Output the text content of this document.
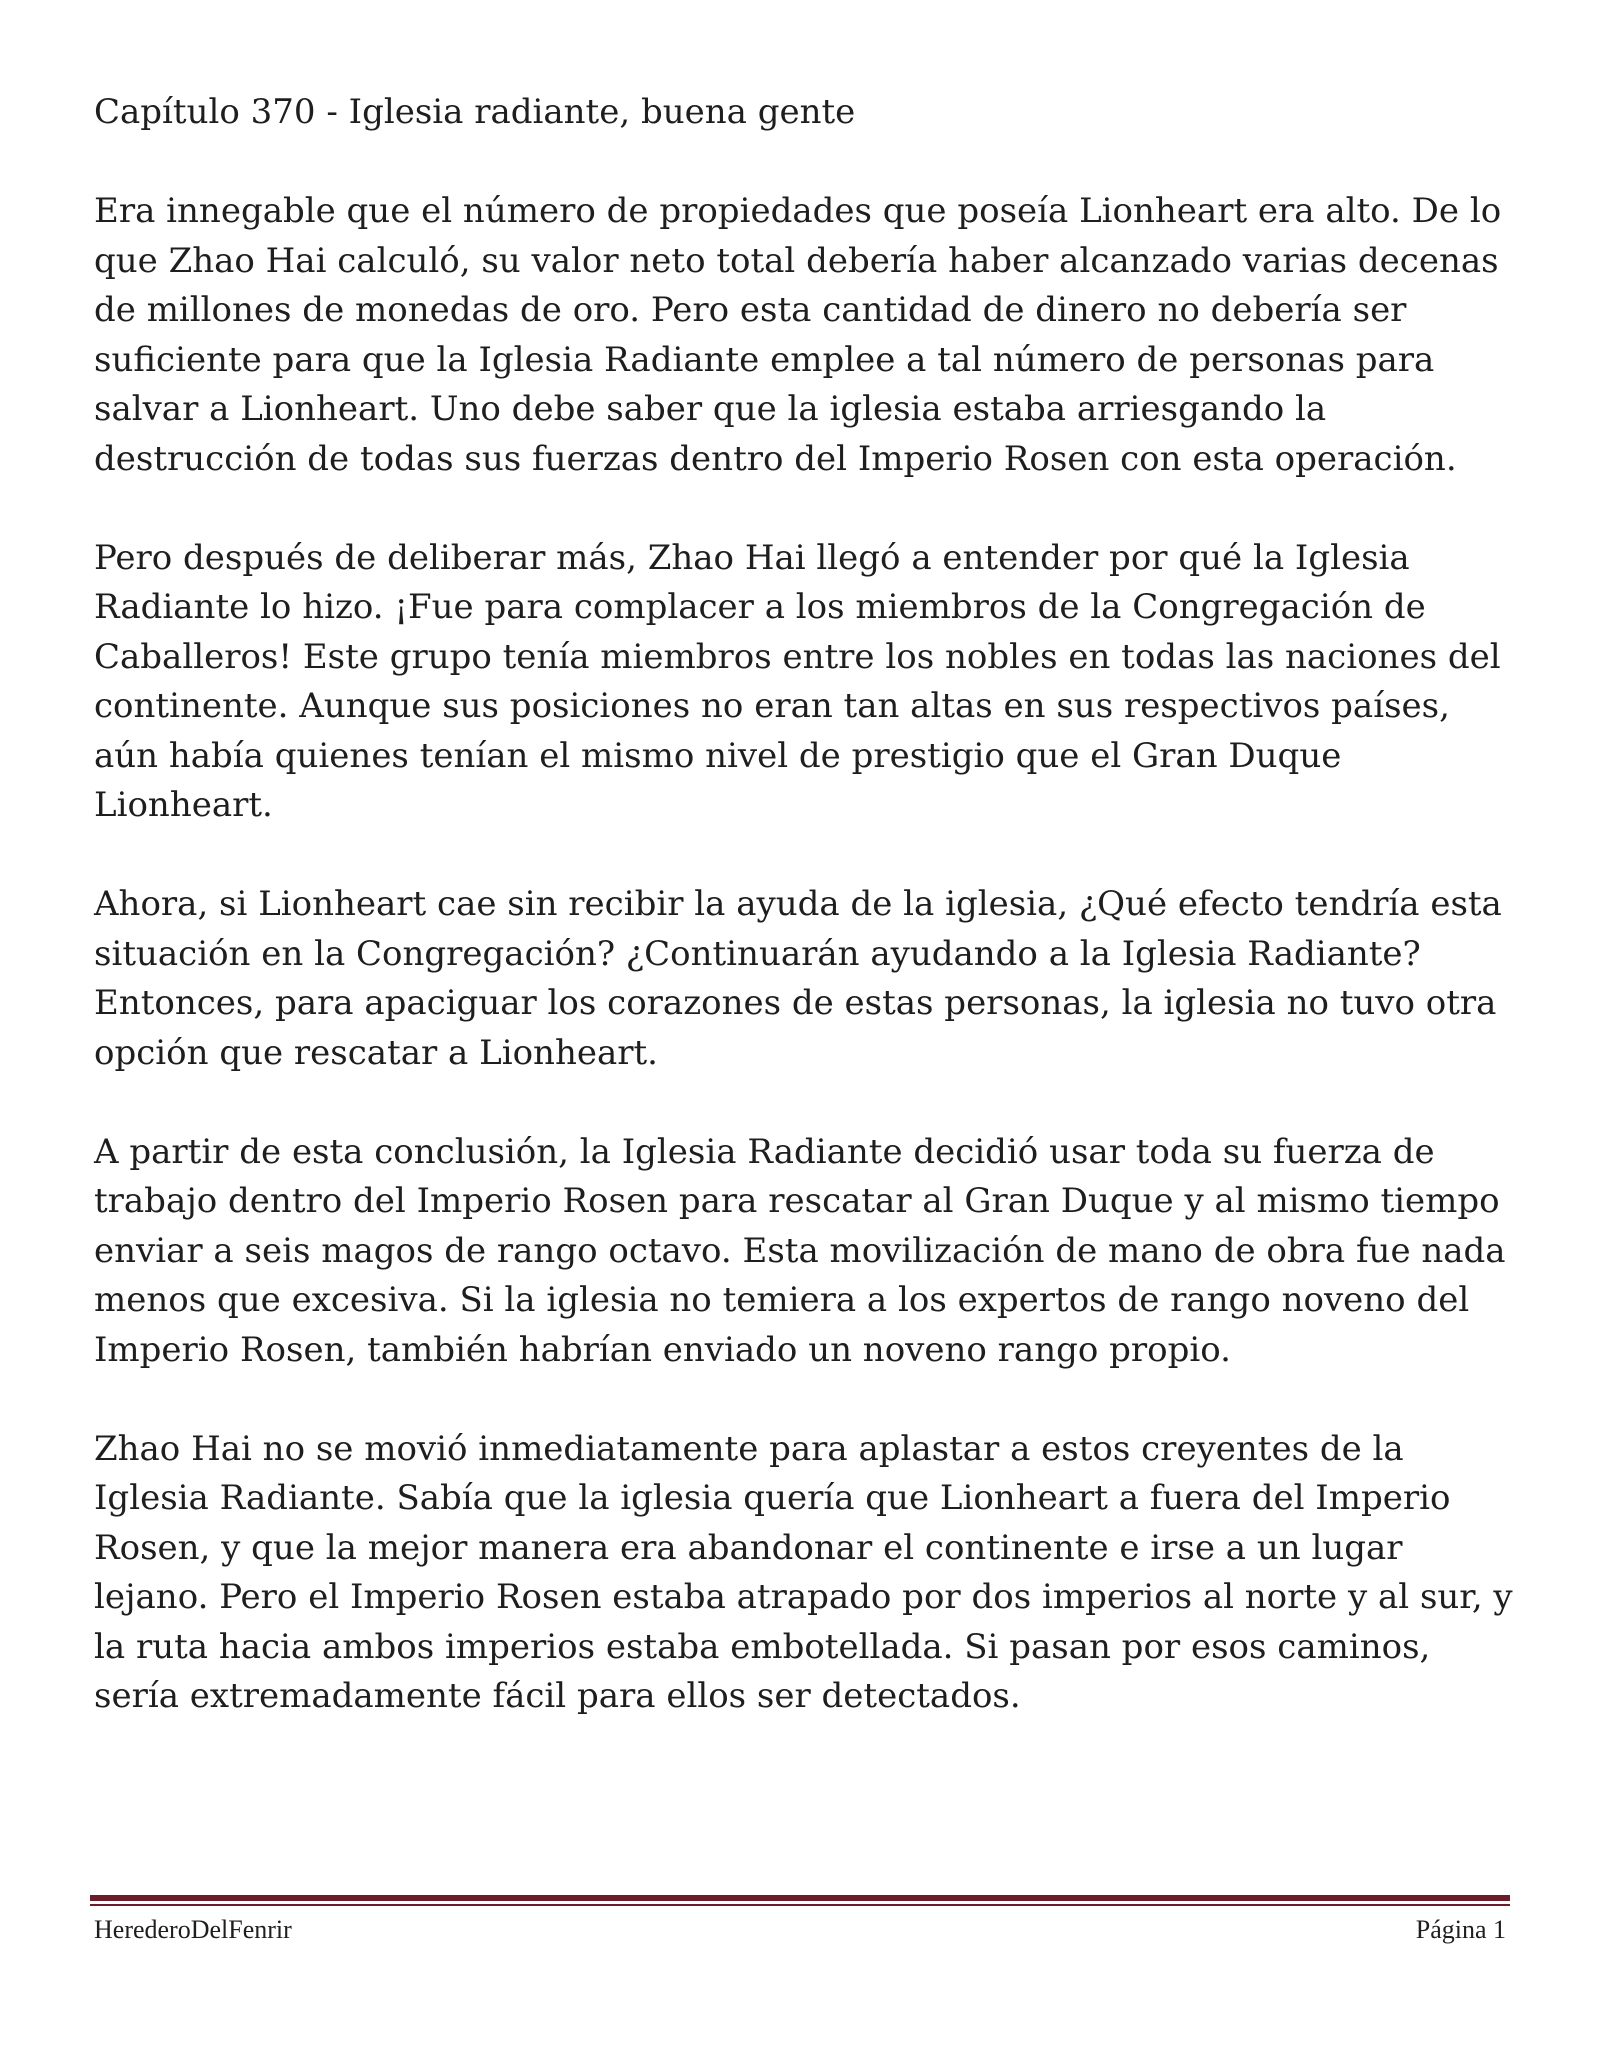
Capítulo 370 - Iglesia radiante, buena gente

Era innegable que el número de propiedades que poseía Lionheart era alto. De lo que Zhao Hai calculó, su valor neto total debería haber alcanzado varias decenas de millones de monedas de oro. Pero esta cantidad de dinero no debería ser suficiente para que la Iglesia Radiante emplee a tal número de personas para salvar a Lionheart. Uno debe saber que la iglesia estaba arriesgando la destrucción de todas sus fuerzas dentro del Imperio Rosen con esta operación.

Pero después de deliberar más, Zhao Hai llegó a entender por qué la Iglesia Radiante lo hizo. ¡Fue para complacer a los miembros de la Congregación de Caballeros! Este grupo tenía miembros entre los nobles en todas las naciones del continente. Aunque sus posiciones no eran tan altas en sus respectivos países, aún había quienes tenían el mismo nivel de prestigio que el Gran Duque Lionheart.

Ahora, si Lionheart cae sin recibir la ayuda de la iglesia, ¿Qué efecto tendría esta situación en la Congregación? ¿Continuarán ayudando a la Iglesia Radiante? Entonces, para apaciguar los corazones de estas personas, la iglesia no tuvo otra opción que rescatar a Lionheart.

A partir de esta conclusión, la Iglesia Radiante decidió usar toda su fuerza de trabajo dentro del Imperio Rosen para rescatar al Gran Duque y al mismo tiempo enviar a seis magos de rango octavo. Esta movilización de mano de obra fue nada menos que excesiva. Si la iglesia no temiera a los expertos de rango noveno del Imperio Rosen, también habrían enviado un noveno rango propio.

Zhao Hai no se movió inmediatamente para aplastar a estos creyentes de la Iglesia Radiante. Sabía que la iglesia quería que Lionheart a fuera del Imperio Rosen, y que la mejor manera era abandonar el continente e irse a un lugar lejano. Pero el Imperio Rosen estaba atrapado por dos imperios al norte y al sur, y la ruta hacia ambos imperios estaba embotellada. Si pasan por esos caminos, sería extremadamente fácil para ellos ser detectados.

HerederoDelFenrir	Página 1
